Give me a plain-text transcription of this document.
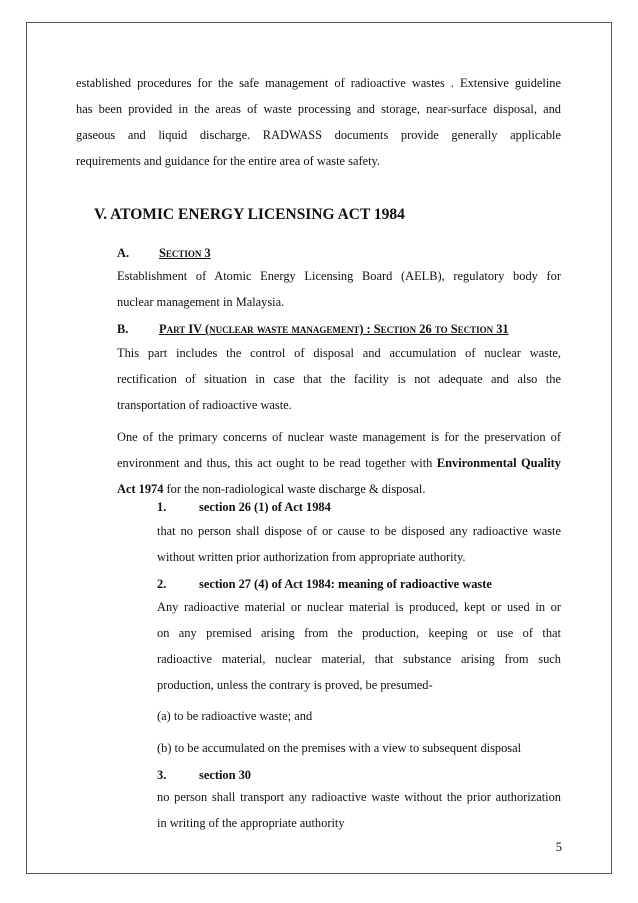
established procedures for the safe management of radioactive wastes . Extensive guideline

has been provided in the areas of waste processing and storage, near-surface disposal, and

gaseous and liquid discharge. RADWASS documents provide generally applicable

requirements and guidance for the entire area of waste safety.

V. ATOMIC ENERGY LICENSING ACT 1984
A. Section 3

Establishment of Atomic Energy Licensing Board (AELB), regulatory body for

nuclear management in Malaysia.

B. Part IV (nuclear waste management) : Section 26 to Section 31

This part includes the control of disposal and accumulation of nuclear waste,

rectification of situation in case that the facility is not adequate and also the

transportation of radioactive waste.

One of the primary concerns of nuclear waste management is for the preservation of

environment and thus, this act ought to be read together with Environmental Quality

Act 1974 for the non-radiological waste discharge & disposal.

1.	section 26 (1) of Act 1984

that no person shall dispose of or cause to be disposed any radioactive waste

without written prior authorization from appropriate authority.

2.	section 27 (4) of Act 1984: meaning of radioactive waste

Any radioactive material or nuclear material is produced, kept or used in or

on any premised arising from the production, keeping or use of that

radioactive material, nuclear material, that substance arising from such

production, unless the contrary is proved, be presumed-

(a) to be radioactive waste; and

(b) to be accumulated on the premises with a view to subsequent disposal

3.	section 30

no person shall transport any radioactive waste without the prior authorization

in writing of the appropriate authority

5
